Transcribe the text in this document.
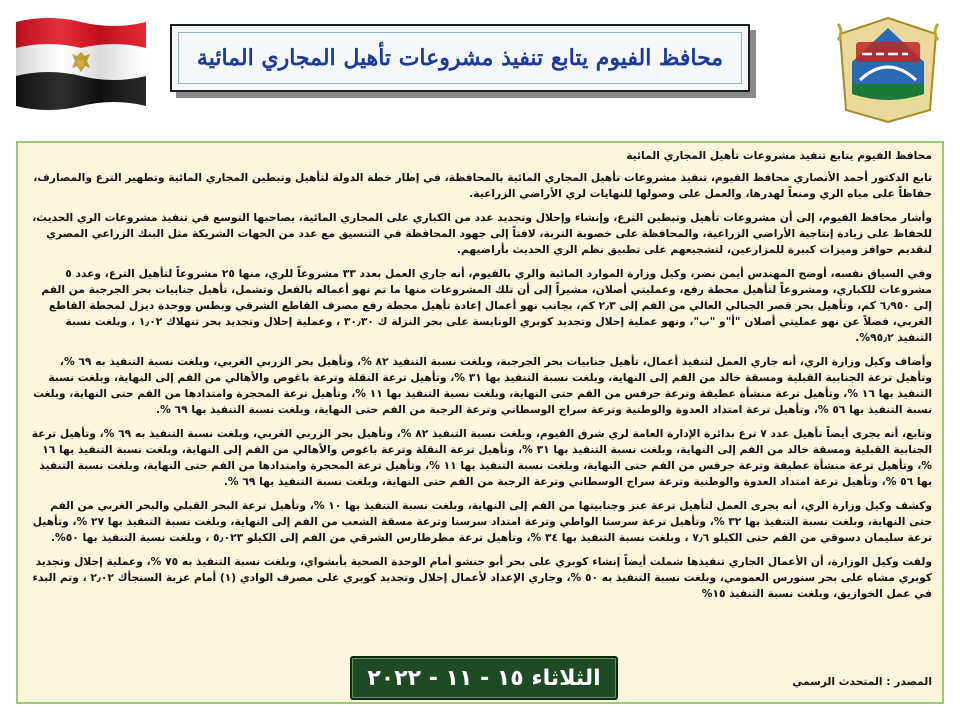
محافظ الفيوم يتابع تنفيذ مشروعات تأهيل المجاري المائية

محافظ الفيوم يتابع تنفيذ مشروعات تأهيل المجاري المائية

تابع الدكتور أحمد الأنصاري محافظ الفيوم، تنفيذ مشروعات تأهيل المجاري المائية بالمحافظة، في إطار خطة الدولة لتأهيل وتبطين المجاري المائية وتطهير الترع والمصارف، حفاظاً على مياه الري ومنعاً لهدرها، والعمل على وصولها للنهايات لري الأراضي الزراعية.

وأشار محافظ الفيوم، إلى أن مشروعات تأهيل وتبطين الترع، وإنشاء وإحلال وتجديد عدد من الكباري على المجاري المائية، يصاحبها التوسع في تنفيذ مشروعات الري الحديث، للحفاظ على زيادة إنتاجية الأراضي الزراعية، والمحافظة على خصوبة التربة، لافتاً إلى جهود المحافظة في التنسيق مع عدد من الجهات الشريكة مثل البنك الزراعي المصري لتقديم حوافز وميزات كبيرة للمزارعين، لتشجيعهم على تطبيق نظم الري الحديث بأراضيهم.

وفي السياق نفسه، أوضح المهندس أيمن نضر، وكيل وزارة الموارد المائية والري بالفيوم، أنه جاري العمل بعدد ٣٣ مشروعاً للري، منها ٢٥ مشروعاً لتأهيل الترع، وعدد ٥ مشروعات للكباري، ومشروعاً لتأهيل محطة رفع، وعمليتي أصلان، مشيراً إلى أن تلك المشروعات منها ما تم نهو أعماله بالفعل وتشمل، تأهيل جنابيات بحر الجرجبة من الفم إلى ٦٫٩٥٠ كم، وتأهيل بحر قصر الجبالي العالي من الفم إلى ٢٫٣ كم، بجانب نهو أعمال إعادة تأهيل محطة رفع مصرف القاطع الشرقي وبطس ووحدة ديزل لمحطة القاطع الغربي، فضلاً عن نهو عمليتي أصلان "أ"و "ب"، ونهو عملية إحلال وتجديد كوبري الونايسة على بحر النزلة ك ٣٠٫٣٠ ، وعملية إحلال وتجديد بحر تنهلاك ١٫٠٢ ، وبلغت نسبة التنفيذ ٩٥٫٢%.

وأضاف وكيل وزارة الري، أنه جاري العمل لتنفيذ أعمال، تأهيل جنابيات بحر الجرجبة، وبلغت نسبة التنفيذ ٨٢ %، وتأهيل بحر الزربي الغربي، وبلغت نسبة التنفيذ به ٦٩ %، وتأهيل ترعة الجنابية القبلية ومسقة خالد من الفم إلى النهاية، وبلغت نسبة التنفيذ بها ٣١ %، وتأهيل ترعة النقلة وترعة باغوص والأهالي من الفم إلى النهاية، وبلغت نسبة التنفيذ بها ١٦ %، وتأهيل ترعة منشأة عطيفة وترعة جرفس من الفم حتى النهاية، وبلغت نسبة التنفيذ بها ١١ %، وتأهيل ترعة المحجرة وامتدادها من الفم حتى النهاية، وبلغت نسبة التنفيذ بها ٥٦ %، وتأهيل ترعة امتداد العدوة والوطنية وترعة سراج الوسطاني وترعة الرجبة من الفم حتى النهاية، وبلغت نسبة التنفيذ بها ٦٩ %.

وتابع، أنه يجرى أيضاً تأهيل عدد ٧ ترع بدائرة الإدارة العامة لري شرق الفيوم، وبلغت نسبة التنفيذ ٨٢ %، وتأهيل بحر الزربي الغربي، وبلغت نسبة التنفيذ به ٦٩ %، وتأهيل ترعة الجنابية القبلية ومسقة خالد من الفم إلى النهاية، وبلغت نسبة التنفيذ بها ٣١ %، وتأهيل ترعة النقلة وترعة باغوص والأهالي من الفم إلى النهاية، وبلغت نسبة التنفيذ بها ١٦ %، وتأهيل ترعة منشأة عطيفة وترعة جرفس من الفم حتى النهاية، وبلغت نسبة التنفيذ بها ١١ %، وتأهيل ترعة المحجرة وامتدادها من الفم حتى النهاية، وبلغت نسبة التنفيذ بها ٥٦ %، وتأهيل ترعة امتداد العدوة والوطنية وترعة سراج الوسطاني وترعة الرجبة من الفم حتى النهاية، وبلغت نسبة التنفيذ بها ٦٩ %.

وكشف وكيل وزارة الري، أنه يجرى العمل لتأهيل ترعة عنز وجنابيتها من الفم إلى النهاية، وبلغت نسبة التنفيذ بها ١٠ %، وتأهيل ترعة البحر القبلي والبحر الغربي من الفم حتى النهاية، وبلغت نسبة التنفيذ بها ٣٢ %، وتأهيل ترعة سرسنا الواطي وترعة امتداد سرسنا وترعة مسقة الشعب من الفم إلى النهاية، وبلغت نسبة التنفيذ بها ٢٧ %، وتأهيل ترعة سليمان دسوقي من الفم حتى الكيلو ٧٫٦ ، وبلغت نسبة التنفيذ بها ٣٤ %، وتأهيل ترعة مطرطارس الشرقي من الفم إلى الكيلو ٥٫٠٢٣ ، وبلغت نسبة التنفيذ بها ٥٠%.

ولفت وكيل الوزارة، أن الأعمال الجاري تنفيذها شملت أيضاً إنشاء كوبري على بحر أبو جنشو أمام الوحدة الصحية بأبشواي، وبلغت نسبة التنفيذ به ٧٥ %، وعملية إحلال وتجديد كوبري مشاه على بحر سنورس العمومي، وبلغت نسبة التنفيذ به ٥٠ %، وجاري الإعداد لأعمال إحلال وتجديد كوبري على مصرف الوادي (١) أمام عزبة السنجأك ٢٫٠٢ ، وتم البدء في عمل الخوازيق، وبلغت نسبة التنفيذ ١٥%

المصدر : المتحدث الرسمي
الثلاثاء ١٥ - ١١ - ٢٠٢٢
